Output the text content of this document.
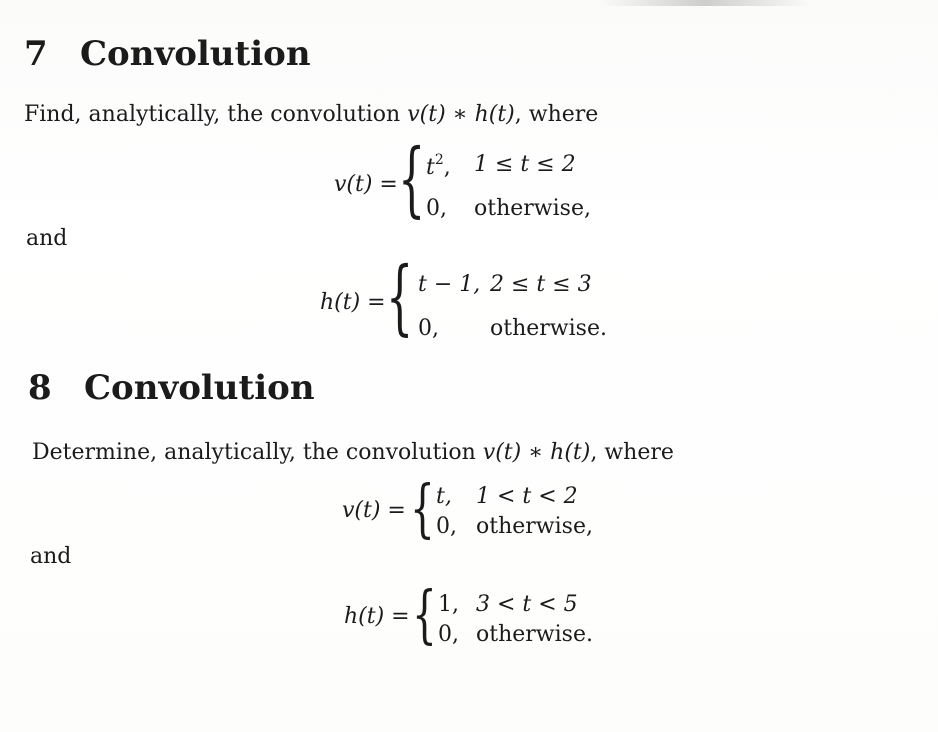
7 Convolution
Find, analytically, the convolution v(t) ∗ h(t), where
v(t) = { $t^2$, 1 ≤ t ≤ 2
0, otherwise,
and
h(t) = { t − 1, 2 ≤ t ≤ 3
0, otherwise.
8 Convolution
Determine, analytically, the convolution v(t) ∗ h(t), where
v(t) = { t, 1 < t < 2
0, otherwise,
and
h(t) = { 1, 3 < t < 5
0, otherwise.
